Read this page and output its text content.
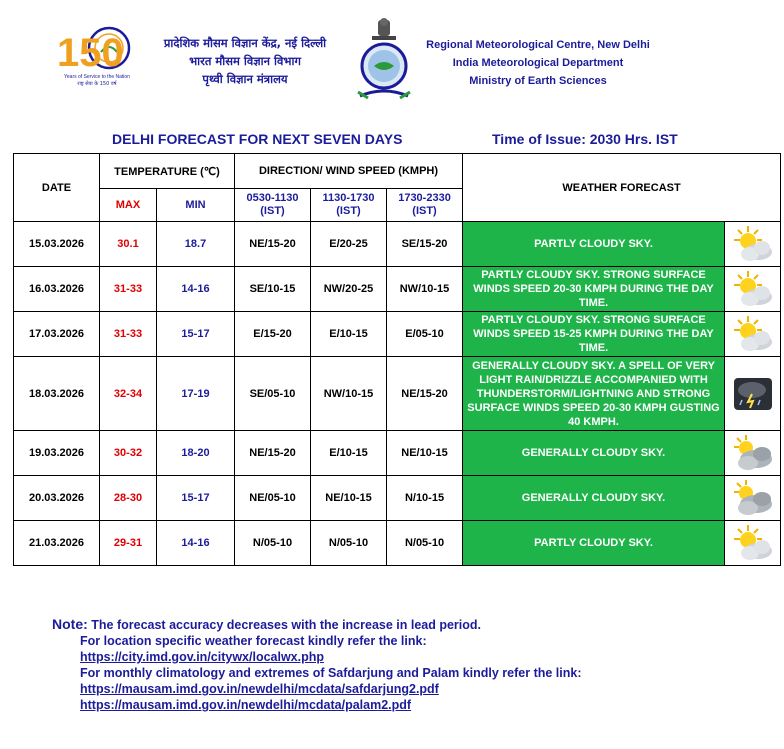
150
Years of Service to the Nation
राष्ट्र सेवा के 150 वर्ष
प्रादेशिक मौसम विज्ञान केंद्र, नई दिल्ली
भारत मौसम विज्ञान विभाग
पृथ्वी विज्ञान मंत्रालय
Regional Meteorological Centre, New Delhi
India Meteorological Department
Ministry of Earth Sciences
DELHI FORECAST FOR NEXT SEVEN DAYS	Time of Issue: 2030 Hrs. IST
DATE	TEMPERATURE (℃)		DIRECTION/ WIND SPEED (KMPH)			WEATHER FORECAST	
	MAX	MIN	0530-1130 (IST)	1130-1730 (IST)	1730-2330 (IST)		
15.03.2026	30.1	18.7	NE/15-20	E/20-25	SE/15-20	PARTLY CLOUDY SKY.	

16.03.2026	31-33	14-16	SE/10-15	NW/20-25	NW/10-15	PARTLY CLOUDY SKY. STRONG SURFACE WINDS SPEED 20-30 KMPH DURING THE DAY TIME.	

17.03.2026	31-33	15-17	E/15-20	E/10-15	E/05-10	PARTLY CLOUDY SKY. STRONG SURFACE WINDS SPEED 15-25 KMPH DURING THE DAY TIME.	

18.03.2026	32-34	17-19	SE/05-10	NW/10-15	NE/15-20	GENERALLY CLOUDY SKY. A SPELL OF VERY LIGHT RAIN/DRIZZLE ACCOMPANIED WITH THUNDERSTORM/LIGHTNING AND STRONG SURFACE WINDS SPEED 20-30 KMPH GUSTING 40 KMPH.	

19.03.2026	30-32	18-20	NE/15-20	E/10-15	NE/10-15	GENERALLY CLOUDY SKY.	

20.03.2026	28-30	15-17	NE/05-10	NE/10-15	N/10-15	GENERALLY CLOUDY SKY.	

21.03.2026	29-31	14-16	N/05-10	N/05-10	N/05-10	PARTLY CLOUDY SKY.	
Note: The forecast accuracy decreases with the increase in lead period.
For location specific weather forecast kindly refer the link:
https://city.imd.gov.in/citywx/localwx.php
For monthly climatology and extremes of Safdarjung and Palam kindly refer the link:
https://mausam.imd.gov.in/newdelhi/mcdata/safdarjung2.pdf
https://mausam.imd.gov.in/newdelhi/mcdata/palam2.pdf
